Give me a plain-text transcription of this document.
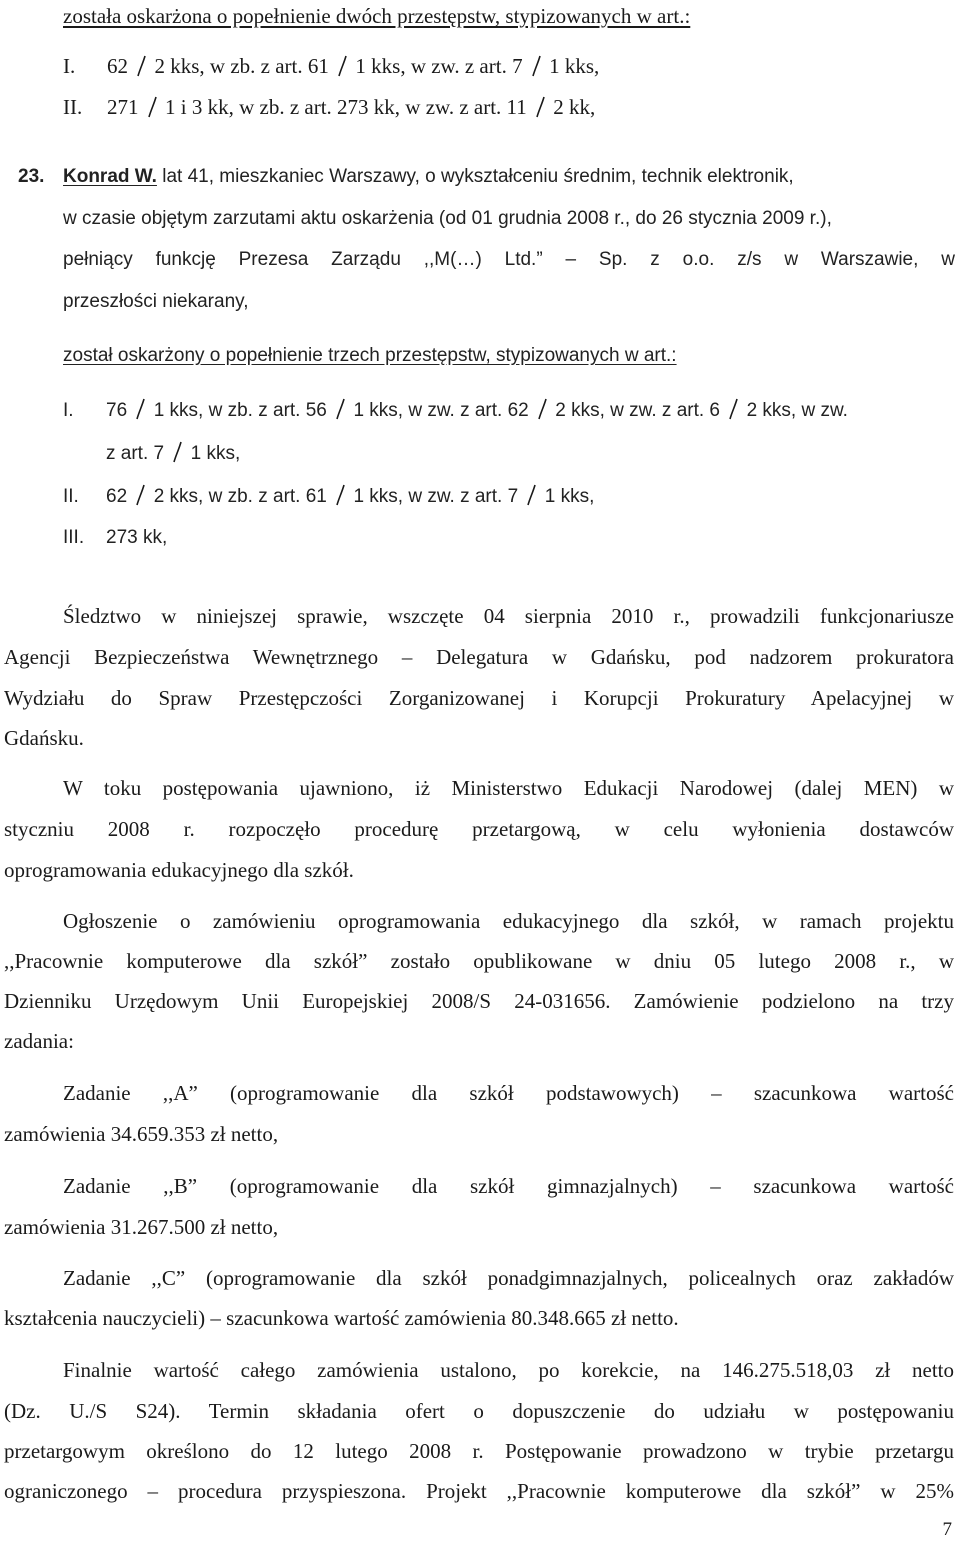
została oskarżona o popełnienie dwóch przestępstw, stypizowanych w art.:
I. 62 2 kks, w zb. z art. 61 1 kks, w zw. z art. 7 1 kks,
II. 271 1 i 3 kk, w zb. z art. 273 kk, w zw. z art. 11 2 kk,
23. Konrad W. lat 41, mieszkaniec Warszawy, o wykształceniu średnim, technik elektronik,
w czasie objętym zarzutami aktu oskarżenia (od 01 grudnia 2008 r., do 26 stycznia 2009 r.),
pełniący funkcję Prezesa Zarządu ,,M(…) Ltd.” – Sp. z o.o. z/s w Warszawie, w
przeszłości niekarany,
został oskarżony o popełnienie trzech przestępstw, stypizowanych w art.:
I. 76 1 kks, w zb. z art. 56 1 kks, w zw. z art. 62 2 kks, w zw. z art. 6 2 kks, w zw.
z art. 7 1 kks,
II. 62 2 kks, w zb. z art. 61 1 kks, w zw. z art. 7 1 kks,
III. 273 kk,
Śledztwo w niniejszej sprawie, wszczęte 04 sierpnia 2010 r., prowadzili funkcjonariusze
Agencji Bezpieczeństwa Wewnętrznego – Delegatura w Gdańsku, pod nadzorem prokuratora
Wydziału do Spraw Przestępczości Zorganizowanej i Korupcji Prokuratury Apelacyjnej w
Gdańsku.
W toku postępowania ujawniono, iż Ministerstwo Edukacji Narodowej (dalej MEN) w
styczniu 2008 r. rozpoczęło procedurę przetargową, w celu wyłonienia dostawców
oprogramowania edukacyjnego dla szkół.
Ogłoszenie o zamówieniu oprogramowania edukacyjnego dla szkół, w ramach projektu
,,Pracownie komputerowe dla szkół” zostało opublikowane w dniu 05 lutego 2008 r., w
Dzienniku Urzędowym Unii Europejskiej 2008/S 24-031656. Zamówienie podzielono na trzy
zadania:
Zadanie ,,A” (oprogramowanie dla szkół podstawowych) – szacunkowa wartość
zamówienia 34.659.353 zł netto,
Zadanie ,,B” (oprogramowanie dla szkół gimnazjalnych) – szacunkowa wartość
zamówienia 31.267.500 zł netto,
Zadanie ,,C” (oprogramowanie dla szkół ponadgimnazjalnych, policealnych oraz zakładów
kształcenia nauczycieli) – szacunkowa wartość zamówienia 80.348.665 zł netto.
Finalnie wartość całego zamówienia ustalono, po korekcie, na 146.275.518,03 zł netto
(Dz. U./S S24). Termin składania ofert o dopuszczenie do udziału w postępowaniu
przetargowym określono do 12 lutego 2008 r. Postępowanie prowadzono w trybie przetargu
ograniczonego – procedura przyspieszona. Projekt ,,Pracownie komputerowe dla szkół” w 25%
7
